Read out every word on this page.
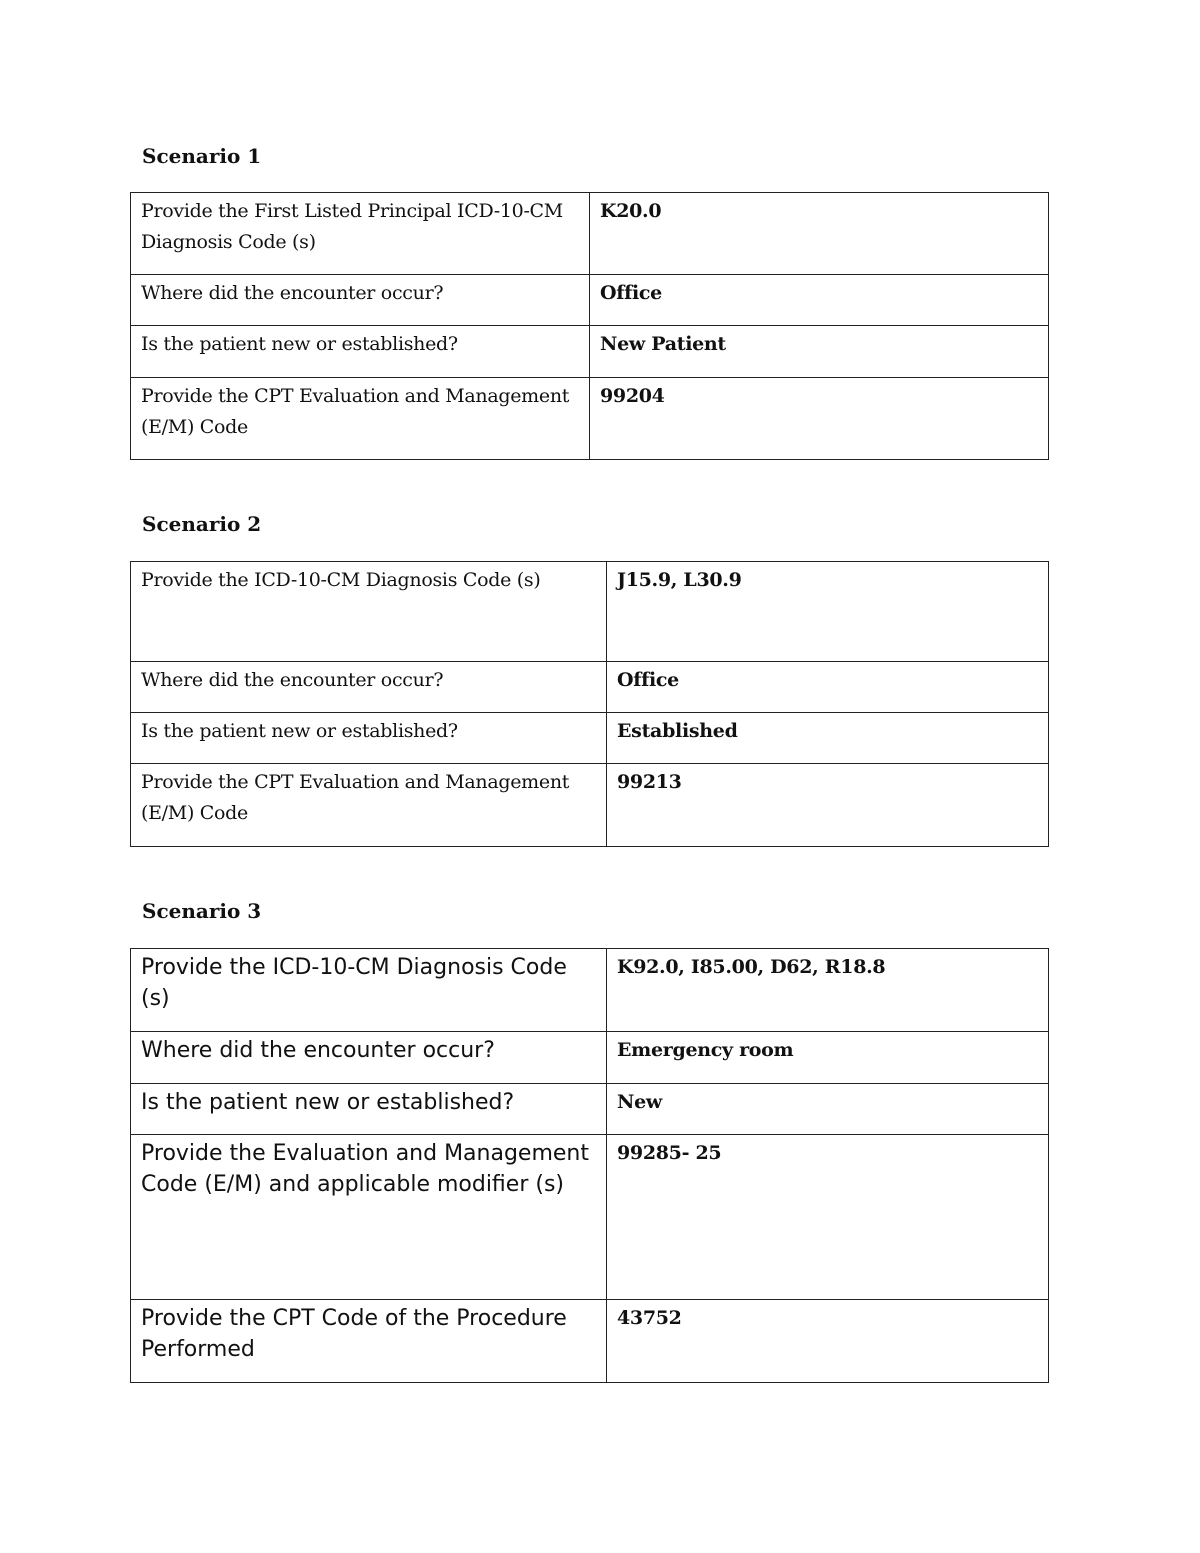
Scenario 1
Provide the First Listed Principal ICD-10-CM Diagnosis Code (s)	K20.0
Where did the encounter occur?	Office
Is the patient new or established?	New Patient
Provide the CPT Evaluation and Management (E/M) Code	99204
Scenario 2
Provide the ICD-10-CM Diagnosis Code (s)	J15.9, L30.9
Where did the encounter occur?	Office
Is the patient new or established?	Established
Provide the CPT Evaluation and Management (E/M) Code	99213
Scenario 3
Provide the ICD-10-CM Diagnosis Code (s)	K92.0, I85.00, D62, R18.8
Where did the encounter occur?	Emergency room
Is the patient new or established?	New
Provide the Evaluation and Management Code (E/M) and applicable modifier (s)	99285- 25
Provide the CPT Code of the Procedure Performed	43752
